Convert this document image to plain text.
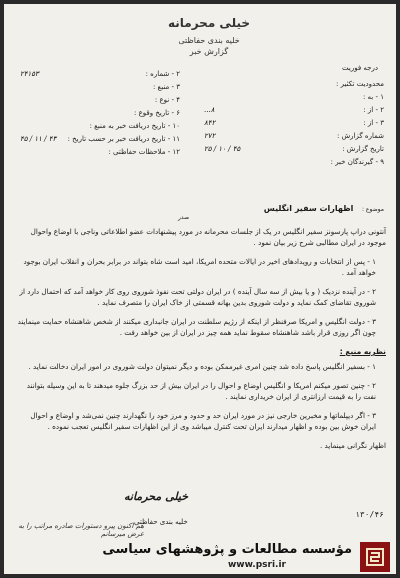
خیلی محرمانه
خلیه بندی حفاظتی
گزارش خبر
درجه فوریت
۲ - شماره :
۲۴۱۵۳
۳ - منبع :
۴ - نوع :
۶ - تاریخ وقوع :
۱۰ - تاریخ دریافت خبر به منبع :
۱۱ - تاریخ دریافت خبر بر حسب تاریخ :
۴۳ / ۱۱ / ۴۵
۱۲ - ملاحظات حفاظتی :
محدودیت تکثیر :
۱ - به :
۲ - از :
۸...
۳ - از :
۸۴۲
شماره گزارش :
۲۷۲
تاریخ گزارش :
۴۵ / ۱۰ / ۲۵
۹ - گیرندگان خبر :
موضوع : اظهارات سفیر انگلیس
صدر

آنتونی دراپ پارسونز سفیر انگلیس در یک از جلسات محرمانه در مورد پیشنهادات عضو اطلاعاتی وناجی با اوضاع واحوال موجود در ایران مطالبی شرح زیر بیان نمود .

۱ - پس از انتخابات و رویدادهای اخیر در ایالات متحده امریکا، امید است شاه بتواند در برابر بحران و انقلاب ایران بوجود خواهد آمد .

۲ - در آینده نزدیک ( و یا بیش از سه سال آینده ) در ایران دولتی تحت نفوذ شوروی روی کار خواهد آمد که احتمال دارد از شوروی تقاضای کمک نماید و دولت شوروی بدین بهانه قسمتی از خاک ایران را متصرف نماید .

۳ - دولت انگلیس و امریکا صرفنظر از اینکه از رژیم سلطنت در ایران جانبداری میکنند از شخص شاهنشاه حمایت مینمایند چون اگر روزی قرار باشد شاهنشاه سقوط نماید همه چیز در ایران از بین خواهد رفت .

نظریه منبع :

۱ - بسفیر انگلیس پاسخ داده شد چنین امری غیرممکن بوده و دیگر نمیتوان دولت شوروی در امور ایران دخالت نماید .

۲ - چنین تصور میکنم امریکا و انگلیس اوضاع و احوال را در ایران بیش از حد بزرگ جلوه میدهند تا به این وسیله بتوانند نفت را به قیمت ارزانتری از ایران خریداری نمایند .

۳ - اگر دیپلماتها و مخبرین خارجی نیز در مورد ایران حد و حدود و مرز خود را نگهدارند چنین نمی‌شد و اوضاع و احوال ایران خوش بین بوده و اظهار میدارند ایران تحت کنترل میباشد وی از این اظهارات سفیر انگلیس تعجب نموده .

اظهار نگرانی مینماید .

خیلی محرمانه
خلیه بندی حفاظتی
۱۳۰/۴۶
هم اکنون پیرو دستورات صادره مراتب را به عرض میرسانم
مؤسسه مطالعات و پژوهشهای سیاسی
www.psri.ir
